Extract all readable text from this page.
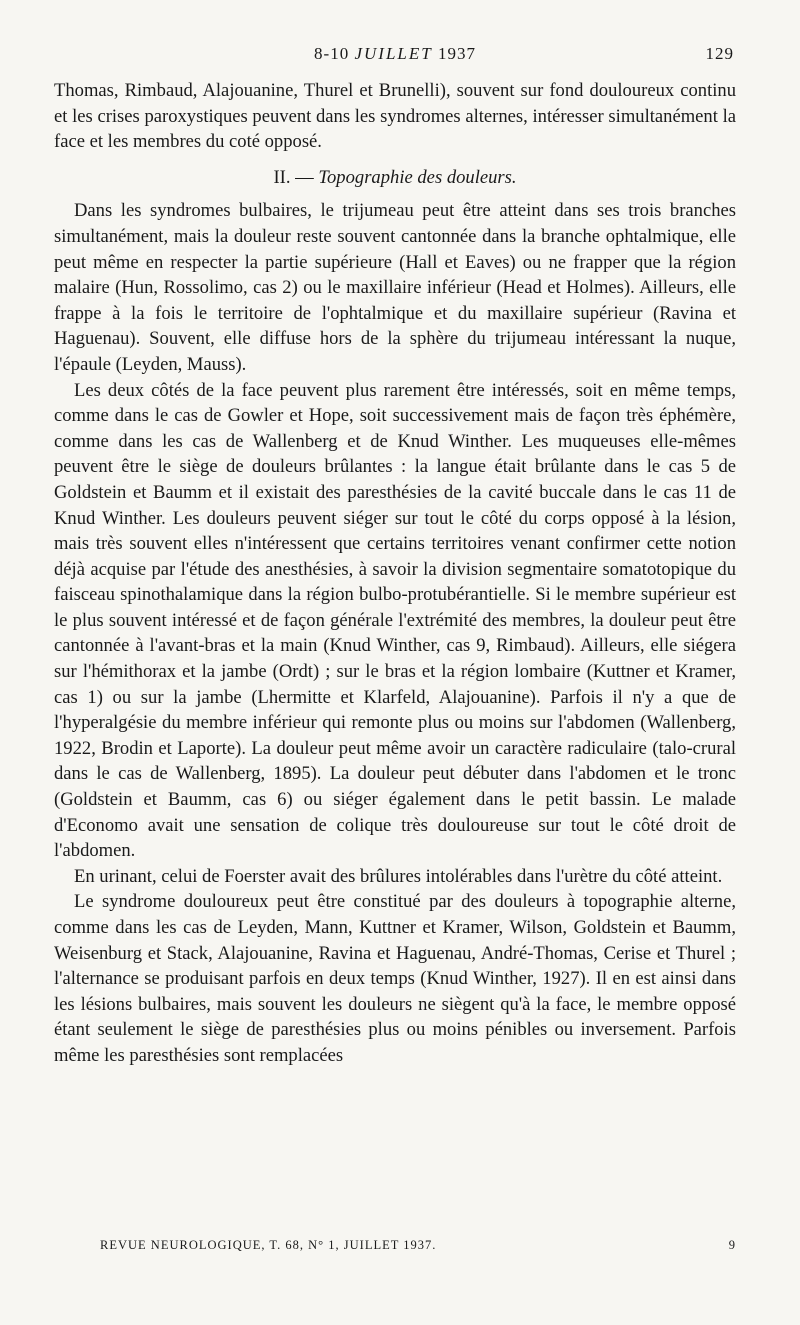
8-10 JUILLET 1937	129

Thomas, Rimbaud, Alajouanine, Thurel et Brunelli), souvent sur fond douloureux continu et les crises paroxystiques peuvent dans les syndromes alternes, intéresser simultanément la face et les membres du coté opposé.

II. — Topographie des douleurs.

Dans les syndromes bulbaires, le trijumeau peut être atteint dans ses trois branches simultanément, mais la douleur reste souvent cantonnée dans la branche ophtalmique, elle peut même en respecter la partie supérieure (Hall et Eaves) ou ne frapper que la région malaire (Hun, Rossolimo, cas 2) ou le maxillaire inférieur (Head et Holmes). Ailleurs, elle frappe à la fois le territoire de l'ophtalmique et du maxillaire supérieur (Ravina et Haguenau). Souvent, elle diffuse hors de la sphère du trijumeau intéressant la nuque, l'épaule (Leyden, Mauss).

Les deux côtés de la face peuvent plus rarement être intéressés, soit en même temps, comme dans le cas de Gowler et Hope, soit successivement mais de façon très éphémère, comme dans les cas de Wallenberg et de Knud Winther. Les muqueuses elle-mêmes peuvent être le siège de douleurs brûlantes : la langue était brûlante dans le cas 5 de Goldstein et Baumm et il existait des paresthésies de la cavité buccale dans le cas 11 de Knud Winther. Les douleurs peuvent siéger sur tout le côté du corps opposé à la lésion, mais très souvent elles n'intéressent que certains territoires venant confirmer cette notion déjà acquise par l'étude des anesthésies, à savoir la division segmentaire somatotopique du faisceau spinothalamique dans la région bulbo-protubérantielle. Si le membre supérieur est le plus souvent intéressé et de façon générale l'extrémité des membres, la douleur peut être cantonnée à l'avant-bras et la main (Knud Winther, cas 9, Rimbaud). Ailleurs, elle siégera sur l'hémithorax et la jambe (Ordt) ; sur le bras et la région lombaire (Kuttner et Kramer, cas 1) ou sur la jambe (Lhermitte et Klarfeld, Alajouanine). Parfois il n'y a que de l'hyperalgésie du membre inférieur qui remonte plus ou moins sur l'abdomen (Wallenberg, 1922, Brodin et Laporte). La douleur peut même avoir un caractère radiculaire (talo-crural dans le cas de Wallenberg, 1895). La douleur peut débuter dans l'abdomen et le tronc (Goldstein et Baumm, cas 6) ou siéger également dans le petit bassin. Le malade d'Economo avait une sensation de colique très douloureuse sur tout le côté droit de l'abdomen.

En urinant, celui de Foerster avait des brûlures intolérables dans l'urètre du côté atteint.

Le syndrome douloureux peut être constitué par des douleurs à topographie alterne, comme dans les cas de Leyden, Mann, Kuttner et Kramer, Wilson, Goldstein et Baumm, Weisenburg et Stack, Alajouanine, Ravina et Haguenau, André-Thomas, Cerise et Thurel ; l'alternance se produisant parfois en deux temps (Knud Winther, 1927). Il en est ainsi dans les lésions bulbaires, mais souvent les douleurs ne siègent qu'à la face, le membre opposé étant seulement le siège de paresthésies plus ou moins pénibles ou inversement. Parfois même les paresthésies sont remplacées

REVUE NEUROLOGIQUE, T. 68, N° 1, JUILLET 1937.	9
